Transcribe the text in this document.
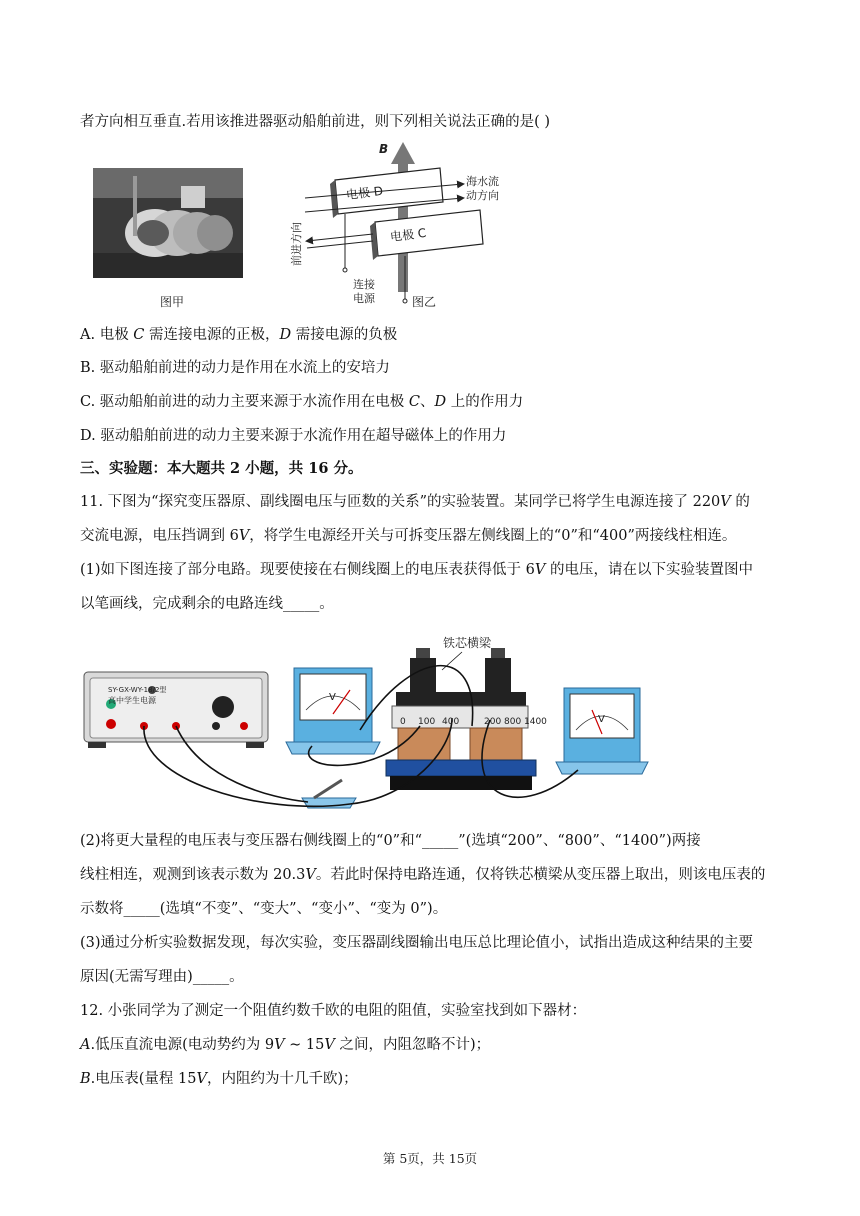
者方向相互垂直.若用该推进器驱动船舶前进，则下列相关说法正确的是( )
图甲
B
电极 D
电极 C
海水流
动方向
前进方向
连接
电源	图乙
A. 电极 𝐶 需连接电源的正极，𝐷 需接电源的负极
B. 驱动船舶前进的动力是作用在水流上的安培力
C. 驱动船舶前进的动力主要来源于水流作用在电极 𝐶、𝐷 上的作用力
D. 驱动船舶前进的动力主要来源于水流作用在超导磁体上的作用力
三、实验题：本大题共 2 小题，共 16 分。
11. 下图为“探究变压器原、副线圈电压与匝数的关系”的实验装置。某同学已将学生电源连接了 220𝑉 的
交流电源，电压挡调到 6𝑉，将学生电源经开关与可拆变压器左侧线圈上的“0”和“400”两接线柱相连。
(1)如下图连接了部分电路。现要使接在右侧线圈上的电压表获得低于 6𝑉 的电压，请在以下实验装置图中
以笔画线，完成剩余的电路连线_____。
铁芯横梁
SY-GX-WY-18/2型
高中学生电源
0 100 400	200 800 1400
V
V
(2)将更大量程的电压表与变压器右侧线圈上的“0”和“_____”(选填“200”、“800”、“1400”)两接
线柱相连，观测到该表示数为 20.3𝑉。若此时保持电路连通，仅将铁芯横梁从变压器上取出，则该电压表的
示数将_____(选填“不变”、“变大”、“变小”、“变为 0”)。
(3)通过分析实验数据发现，每次实验，变压器副线圈输出电压总比理论值小，试指出造成这种结果的主要
原因(无需写理由)_____。
12. 小张同学为了测定一个阻值约数千欧的电阻的阻值，实验室找到如下器材：
𝐴.低压直流电源(电动势约为 9𝑉 ∼ 15𝑉 之间，内阻忽略不计)；
𝐵.电压表(量程 15𝑉，内阻约为十几千欧)；
第 5页，共 15页
